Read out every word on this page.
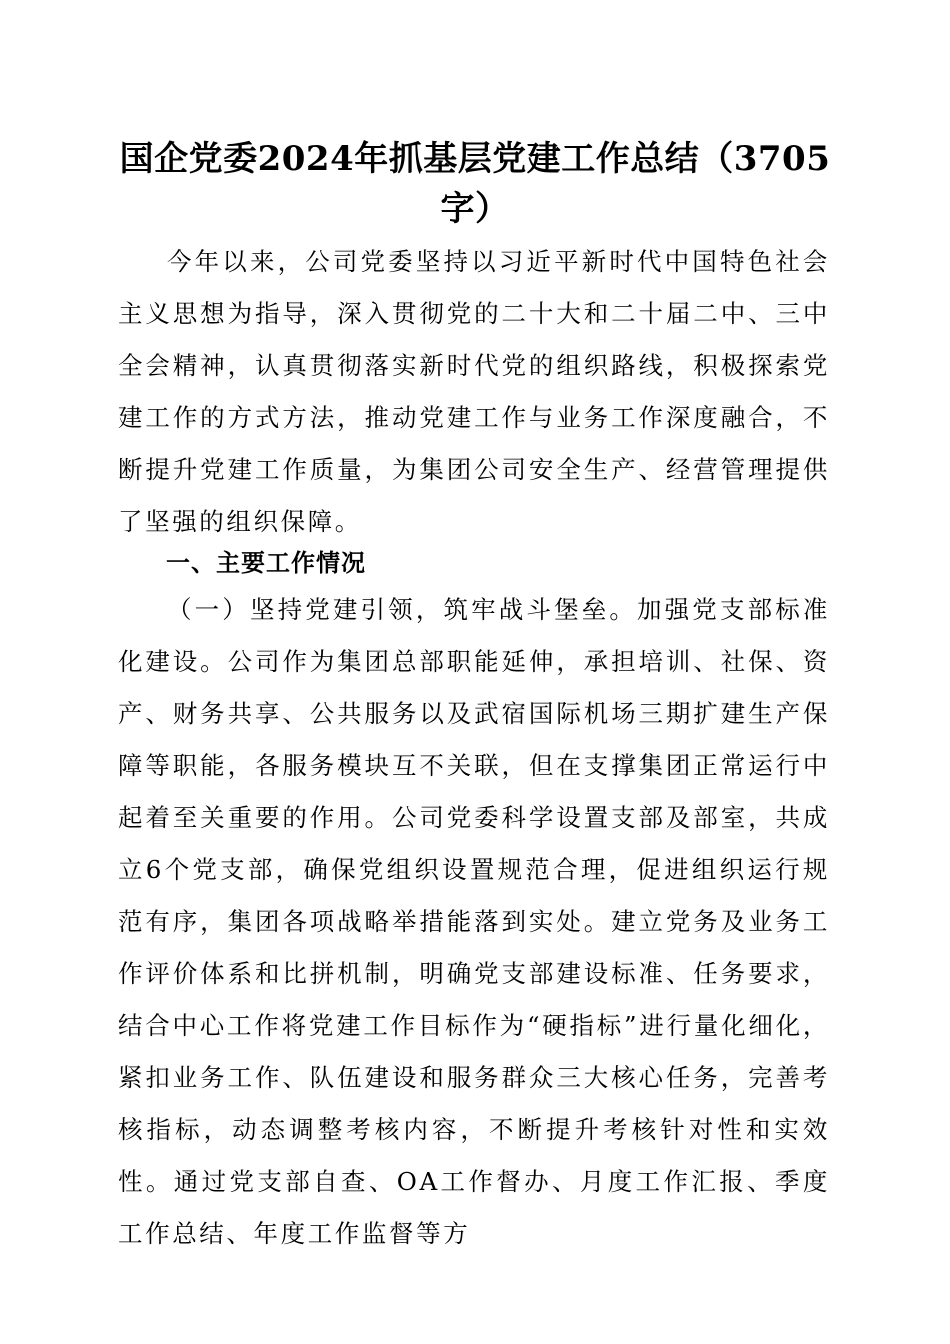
国企党委2024年抓基层党建工作总结（3705字）

今年以来，公司党委坚持以习近平新时代中国特色社会主义思想为指导，深入贯彻党的二十大和二十届二中、三中全会精神，认真贯彻落实新时代党的组织路线，积极探索党建工作的方式方法，推动党建工作与业务工作深度融合，不断提升党建工作质量，为集团公司安全生产、经营管理提供了坚强的组织保障。

一、主要工作情况

（一）坚持党建引领，筑牢战斗堡垒。加强党支部标准化建设。公司作为集团总部职能延伸，承担培训、社保、资产、财务共享、公共服务以及武宿国际机场三期扩建生产保障等职能，各服务模块互不关联，但在支撑集团正常运行中起着至关重要的作用。公司党委科学设置支部及部室，共成立6个党支部，确保党组织设置规范合理，促进组织运行规范有序，集团各项战略举措能落到实处。建立党务及业务工作评价体系和比拼机制，明确党支部建设标准、任务要求，结合中心工作将党建工作目标作为“硬指标”进行量化细化，紧扣业务工作、队伍建设和服务群众三大核心任务，完善考核指标，动态调整考核内容，不断提升考核针对性和实效性。通过党支部自查、OA工作督办、月度工作汇报、季度工作总结、年度工作监督等方
